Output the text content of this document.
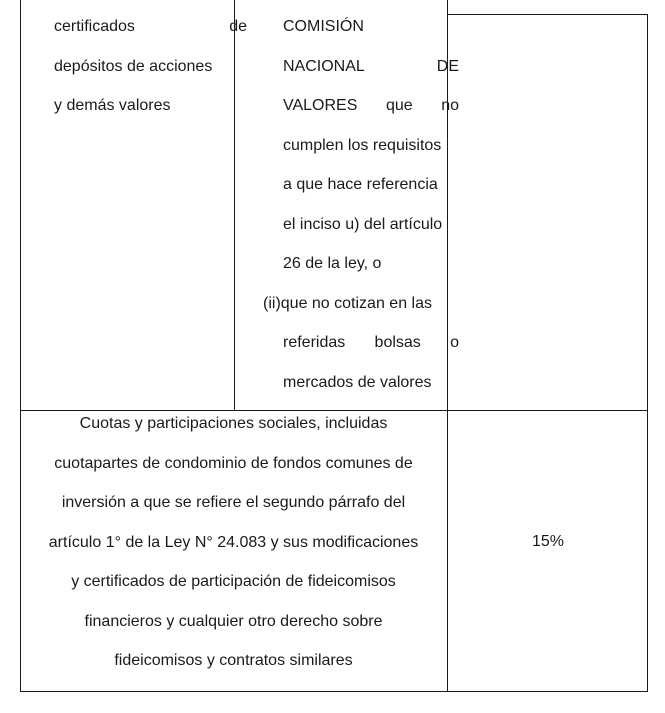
certificados	de
depósitos de acciones
y demás valores
COMISIÓN
NACIONAL	DE
VALORES que no
cumplen los requisitos
a que hace referencia
el inciso u) del artículo
26 de la ley, o
(ii)que no cotizan en las
referidas bolsas o
mercados de valores
Cuotas y participaciones sociales, incluidas
cuotapartes de condominio de fondos comunes de
inversión a que se refiere el segundo párrafo del
artículo 1° de la Ley N° 24.083 y sus modificaciones
y certificados de participación de fideicomisos
financieros y cualquier otro derecho sobre
fideicomisos y contratos similares
15%
